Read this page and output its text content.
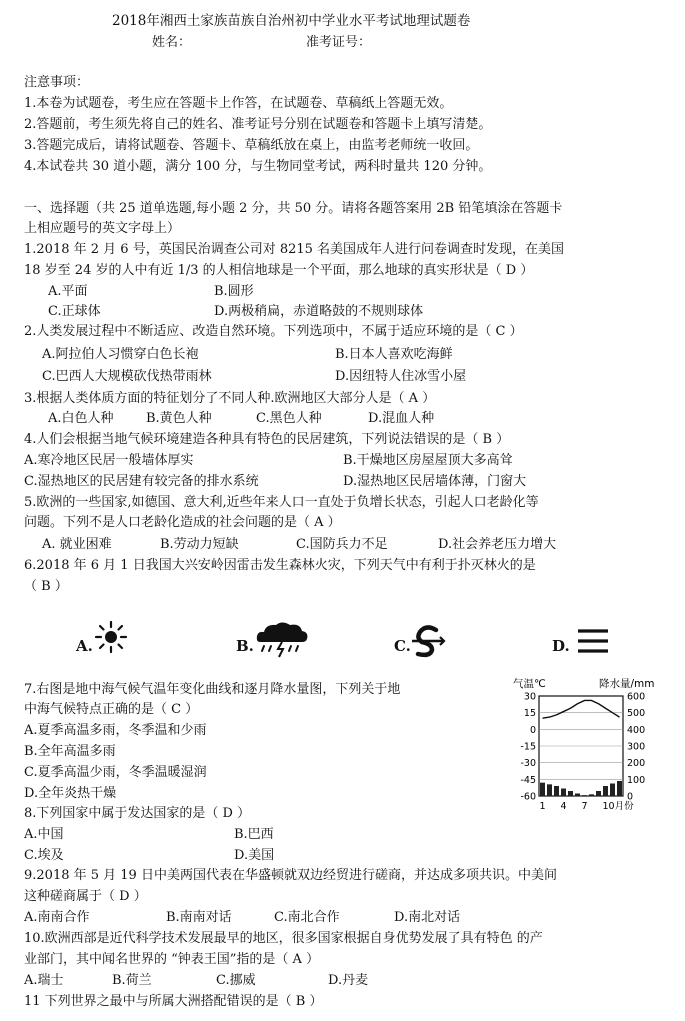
2018年湘西土家族苗族自治州初中学业水平考试地理试题卷
姓名：	准考证号：
注意事项：
1.本卷为试题卷，考生应在答题卡上作答，在试题卷、草稿纸上答题无效。
2.答题前，考生须先将自己的姓名、准考证号分别在试题卷和答题卡上填写清楚。
3.答题完成后，请将试题卷、答题卡、草稿纸放在桌上，由监考老师统一收回。
4.本试卷共 30 道小题，满分 100 分，与生物同堂考试，两科时量共 120 分钟。
一、选择题（共 25 道单选题,每小题 2 分，共 50 分。请将各题答案用 2B 铅笔填涂在答题卡
上相应题号的英文字母上）
1.2018 年 2 月 6 号，英国民治调查公司对 8215 名美国成年人进行问卷调查时发现，在美国
18 岁至 24 岁的人中有近 1/3 的人相信地球是一个平面，那么地球的真实形状是（ D ）
A.平面	B.圆形
C.正球体	D.两极稍扁，赤道略鼓的不规则球体
2.人类发展过程中不断适应、改造自然环境。下列选项中，不属于适应环境的是（ C ）
A.阿拉伯人习惯穿白色长袍	B.日本人喜欢吃海鲜
C.巴西人大规模砍伐热带雨林	D.因纽特人住冰雪小屋
3.根据人类体质方面的特征划分了不同人种.欧洲地区大部分人是（ A ）
A.白色人种 B.黄色人种	C.黑色人种	D.混血人种
4.人们会根据当地气候环境建造各种具有特色的民居建筑，下列说法错误的是（ B ）
A.寒冷地区民居一般墙体厚实	B.干燥地区房屋屋顶大多高耸
C.湿热地区的民居建有较完备的排水系统	D.湿热地区民居墙体薄，门窗大
5.欧洲的一些国家,如德国、意大利,近些年来人口一直处于负增长状态，引起人口老龄化等
问题。下列不是人口老龄化造成的社会问题的是（ A ）
A. 就业困难	B.劳动力短缺	C.国防兵力不足	D.社会养老压力增大
6.2018 年 6 月 1 日我国大兴安岭因雷击发生森林火灾，下列天气中有利于扑灭林火的是
（ B ）
A.	B.	C.	D.
7.右图是地中海气候气温年变化曲线和逐月降水量图，下列关于地
中海气候特点正确的是（ C ）
A.夏季高温多雨，冬季温和少雨
B.全年高温多雨
C.夏季高温少雨，冬季温暖湿润
D.全年炎热干燥
气温℃	降水量/mm
30
15
0
-15
-30
-45
-60
600
500
400
300
200
100
0
1 4 7 10月份
8.下列国家中属于发达国家的是（ D ）
A.中国	B.巴西
C.埃及	D.美国
9.2018 年 5 月 19 日中美两国代表在华盛顿就双边经贸进行磋商，并达成多项共识。中美间
这种磋商属于（ D ）
A.南南合作	B.南南对话	C.南北合作	D.南北对话
10.欧洲西部是近代科学技术发展最早的地区，很多国家根据自身优势发展了具有特色 的产
业部门，其中闻名世界的 “钟表王国”指的是（ A ）
A.瑞士	B.荷兰	C.挪威	D.丹麦
11 下列世界之最中与所属大洲搭配错误的是（ B ）
